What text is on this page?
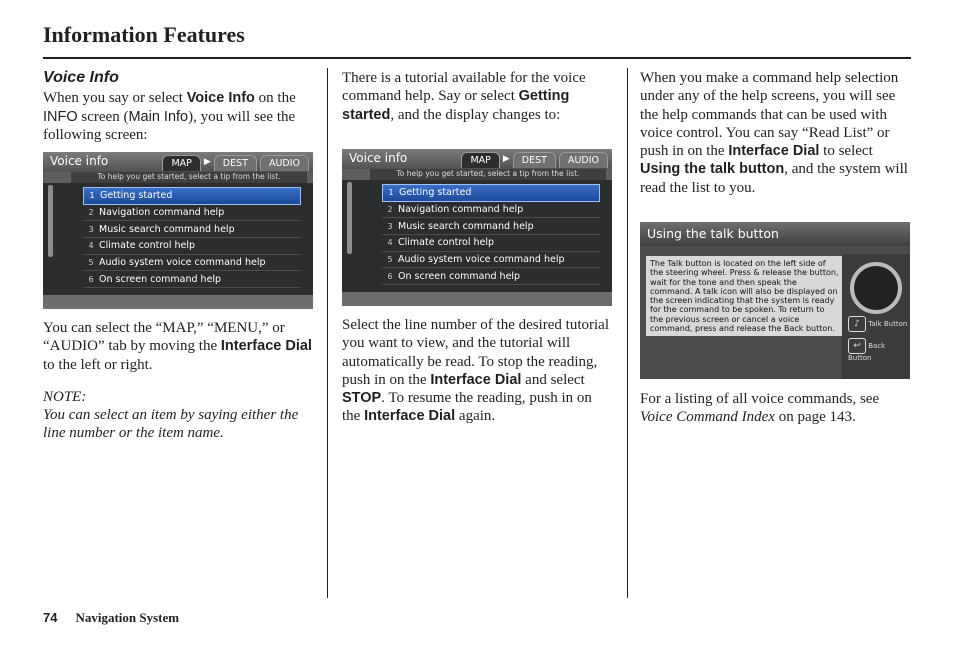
Information Features

Voice Info

When you say or select Voice Info on the INFO screen (Main Info), you will see the following screen:

Voice info	MAP	▶	DEST	AUDIO
To help you get started, select a tip from the list.
1 Getting started
2 Navigation command help
3 Music search command help
4 Climate control help
5 Audio system voice command help
6 On screen command help

You can select the “MAP,” “MENU,” or “AUDIO” tab by moving the Interface Dial to the left or right.

NOTE:

You can select an item by saying either the line number or the item name.

There is a tutorial available for the voice command help. Say or select Getting started, and the display changes to:

Voice info	MAP	▶	DEST	AUDIO
To help you get started, select a tip from the list.
1 Getting started
2 Navigation command help
3 Music search command help
4 Climate control help
5 Audio system voice command help
6 On screen command help

Select the line number of the desired tutorial you want to view, and the tutorial will automatically be read. To stop the reading, push in on the Interface Dial and select STOP. To resume the reading, push in on the Interface Dial again.

When you make a command help selection under any of the help screens, you will see the help commands that can be used with voice control. You can say “Read List” or push in on the Interface Dial to select Using the talk button, and the system will read the list to you.

Using the talk button
The Talk button is located on the left side of the steering wheel. Press & release the button, wait for the tone and then speak the command. A talk icon will also be displayed on the screen indicating that the system is ready for the command to be spoken. To return to the previous screen or cancel a voice command, press and release the Back button.	♪ Talk Button
↩ Back Button

For a listing of all voice commands, see Voice Command Index on page 143.

74 Navigation System
